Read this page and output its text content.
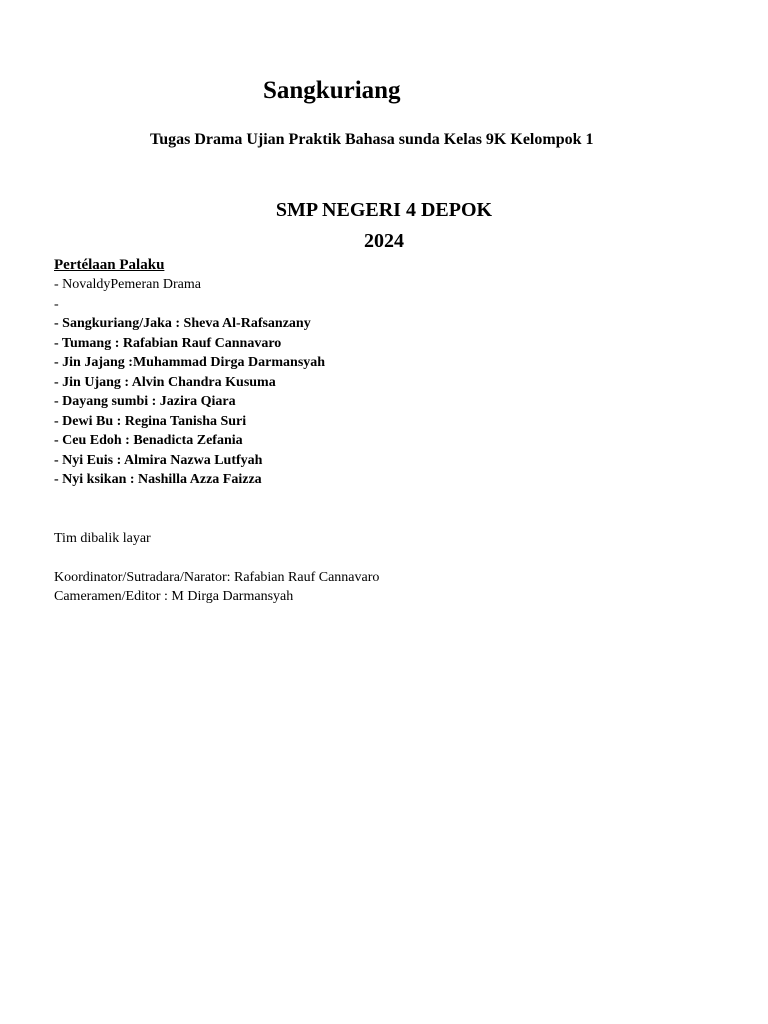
Sangkuriang
Tugas Drama Ujian Praktik Bahasa sunda Kelas 9K Kelompok 1
SMP NEGERI 4 DEPOK
2024
Pertélaan Palaku
- NovaldyPemeran Drama
-
- Sangkuriang/Jaka : Sheva Al-Rafsanzany
- Tumang : Rafabian Rauf Cannavaro
- Jin Jajang :Muhammad Dirga Darmansyah
- Jin Ujang : Alvin Chandra Kusuma
- Dayang sumbi : Jazira Qiara
- Dewi Bu : Regina Tanisha Suri
- Ceu Edoh : Benadicta Zefania
- Nyi Euis : Almira Nazwa Lutfyah
- Nyi ksikan : Nashilla Azza Faizza
Tim dibalik layar
Koordinator/Sutradara/Narator: Rafabian Rauf Cannavaro
Cameramen/Editor : M Dirga Darmansyah
